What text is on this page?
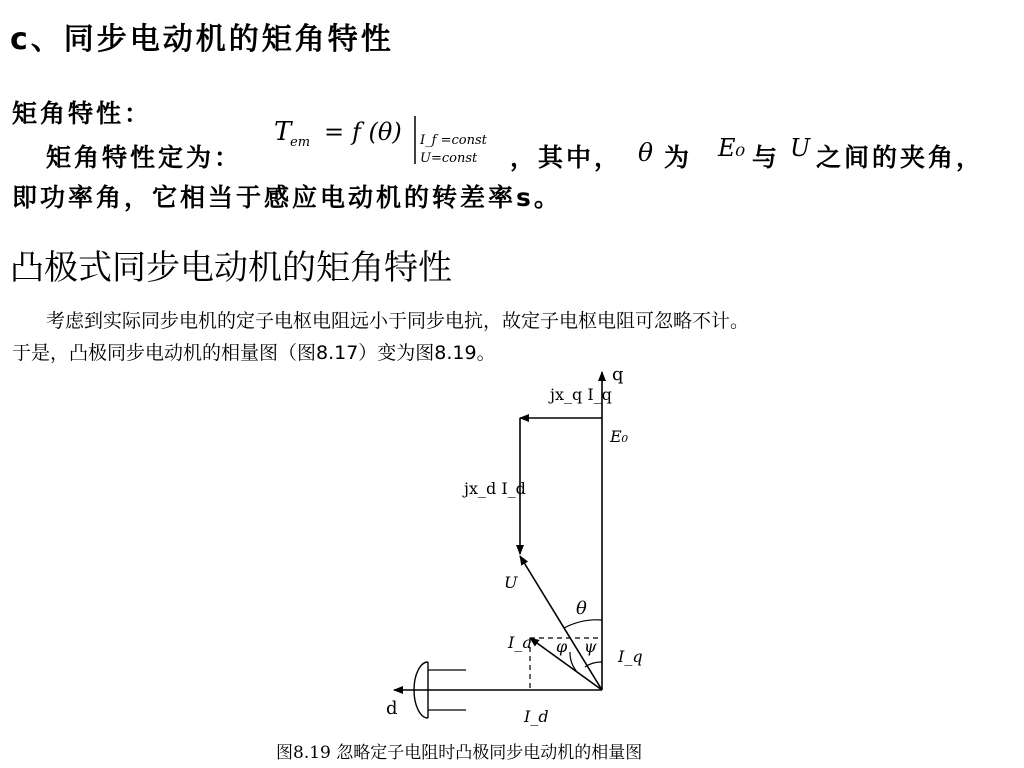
c、同步电动机的矩角特性
矩角特性：
矩角特性定为：
T
em = f (θ) I_f =const
U=const ，其中， θ 为 E₀ 与 U 之间的夹角，
即功率角，它相当于感应电动机的转差率s。
凸极式同步电动机的矩角特性
考虑到实际同步电机的定子电枢电阻远小于同步电抗，故定子电枢电阻可忽略不计。
于是，凸极同步电动机的相量图（图8.17）变为图8.19。
q
d
jx_q I_q
E₀
jx_d I_d
U
θ
I_a φ ψ
I_q
I_d
图8.19 忽略定子电阻时凸极同步电动机的相量图
